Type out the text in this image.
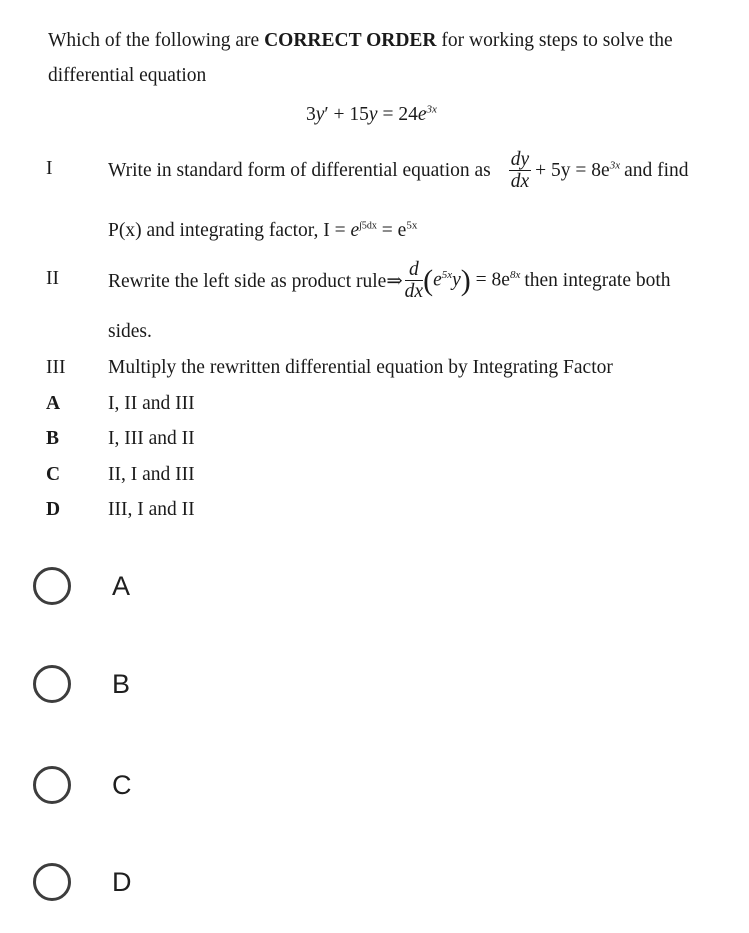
Which of the following are CORRECT ORDER for working steps to solve the
differential equation
$3y' + 15y = 24e^{3x}$
I	Write in standard form of differential equation as $\frac{dy}{dx} + 5y = 8e^{3x}$ and find
P(x) and integrating factor, $I = e^{\int 5dx} = e^{5x}$
II	Rewrite the left side as product rule⇒ $\frac{d}{dx} (e^{5x}y) = 8e^{8x}$ then integrate both
sides.
III Multiply the rewritten differential equation by Integrating Factor
A I, II and III
B	I, III and II
C II, I and III
D III, I and II
A
B
C
D
